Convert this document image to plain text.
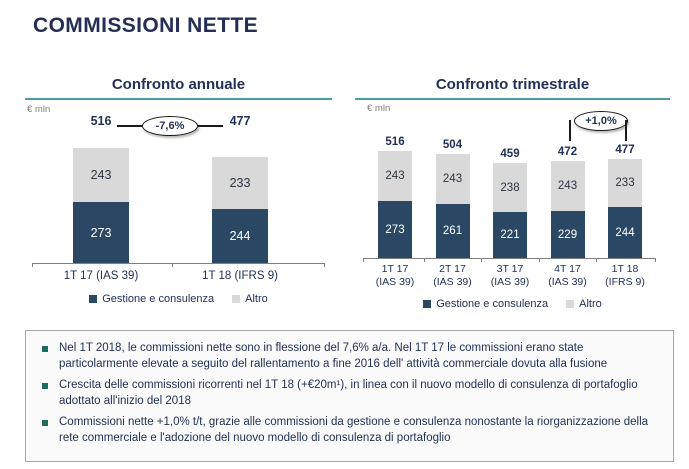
COMMISSIONI NETTE
Confronto annuale
€ mln
243
273
516
1T 17 (IAS 39)
233
244
477
1T 18 (IFRS 9)
-7,6%
Gestione e consulenza	Altro
Confronto trimestrale
€ mln
516
243
273
1T 17
(IAS 39)
504
243
261
2T 17
(IAS 39)
459
238
221
3T 17
(IAS 39)
472
243
229
4T 17
(IAS 39)
477
233
244
1T 18
(IFRS 9)
+1,0%
Gestione e consulenza	Altro
Nel 1T 2018, le commissioni nette sono in flessione del 7,6% a/a. Nel 1T 17 le commissioni erano state particolarmente elevate a seguito del rallentamento a fine 2016 dell' attività commerciale dovuta alla fusione
Crescita delle commissioni ricorrenti nel 1T 18 (+€20m¹), in linea con il nuovo modello di consulenza di portafoglio adottato all'inizio del 2018
Commissioni nette +1,0% t/t, grazie alle commissioni da gestione e consulenza nonostante la riorganizzazione della rete commerciale e l'adozione del nuovo modello di consulenza di portafoglio
